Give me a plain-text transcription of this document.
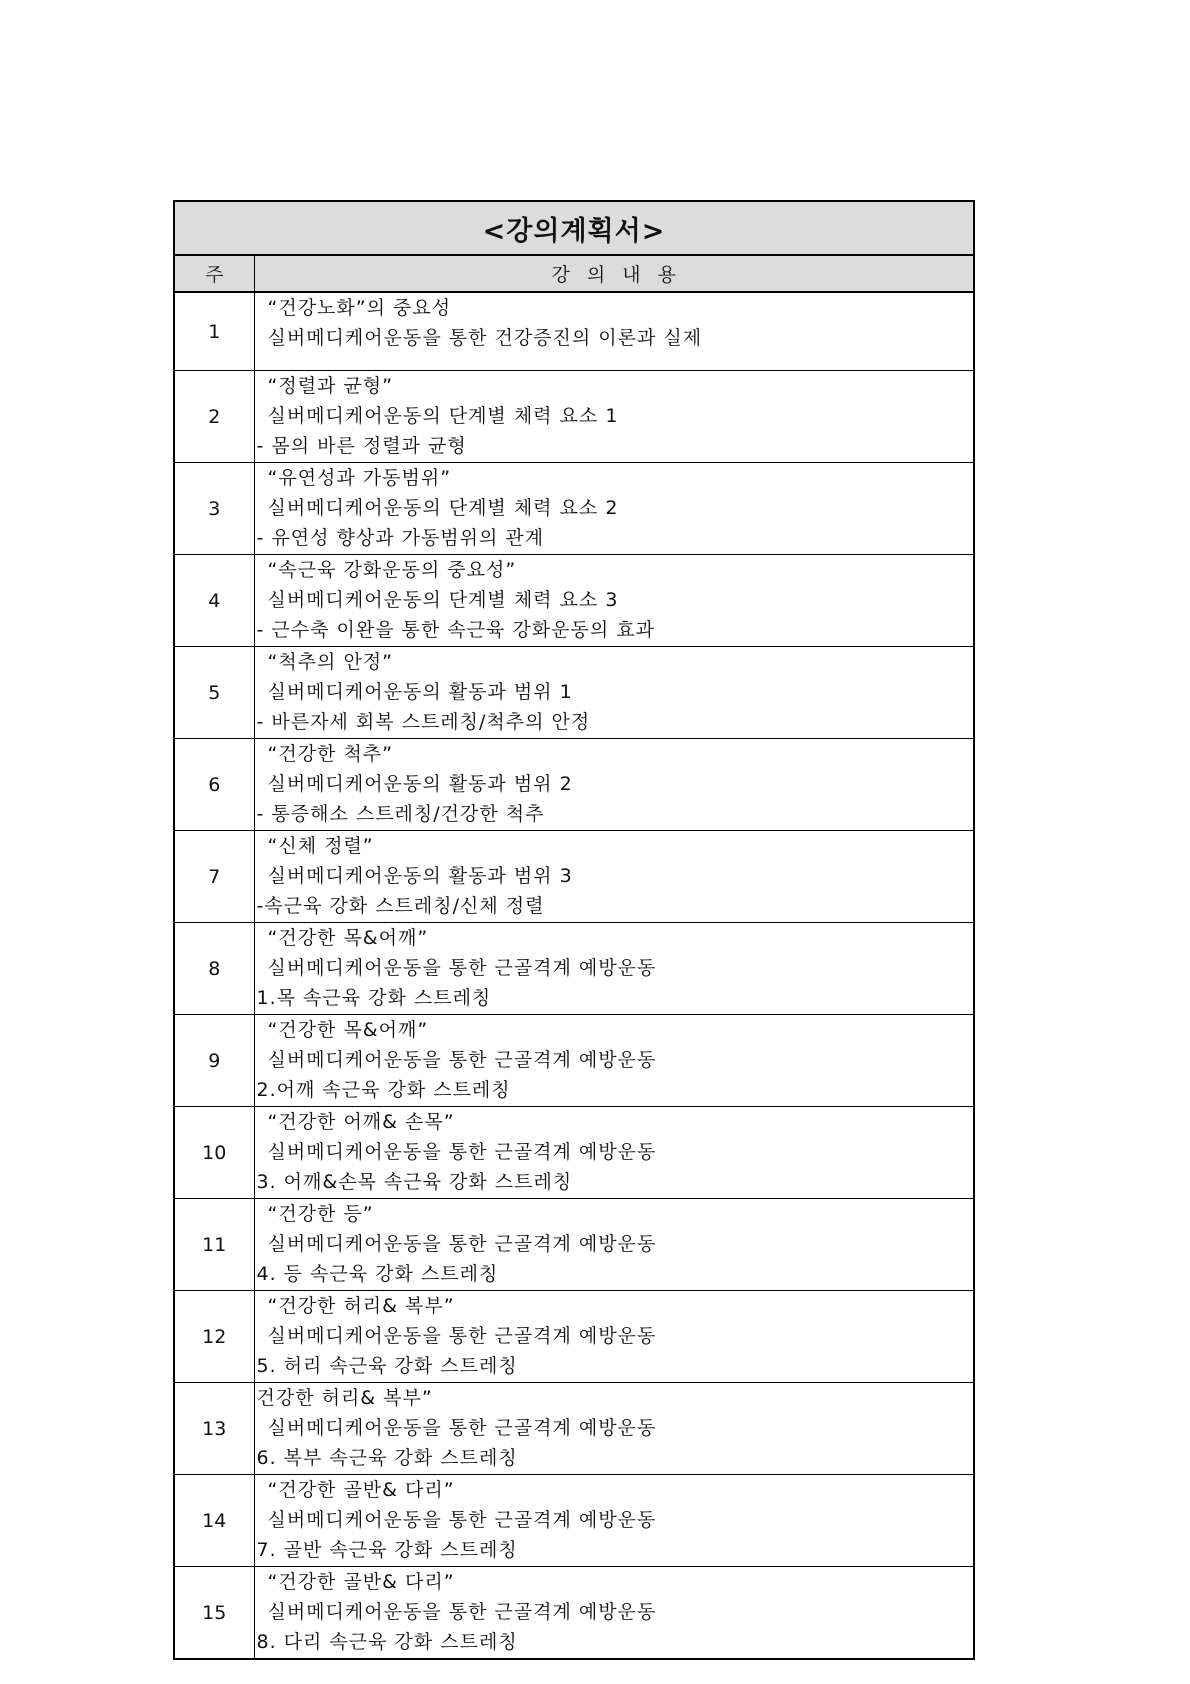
<강의계획서>	
주	강의내용
1	“건강노화”의 중요성
실버메디케어운동을 통한 건강증진의 이론과 실제

2	“정렬과 균형”
실버메디케어운동의 단계별 체력 요소 1
- 몸의 바른 정렬과 균형

3	“유연성과 가동범위”
실버메디케어운동의 단계별 체력 요소 2
- 유연성 향상과 가동범위의 관계

4	“속근육 강화운동의 중요성”
실버메디케어운동의 단계별 체력 요소 3
- 근수축 이완을 통한 속근육 강화운동의 효과

5	“척추의 안정”
실버메디케어운동의 활동과 범위 1
- 바른자세 회복 스트레칭/척추의 안정

6	“건강한 척추”
실버메디케어운동의 활동과 범위 2
- 통증해소 스트레칭/건강한 척추

7	“신체 정렬”
실버메디케어운동의 활동과 범위 3
-속근육 강화 스트레칭/신체 정렬

8	“건강한 목&어깨”
실버메디케어운동을 통한 근골격계 예방운동
1.목 속근육 강화 스트레칭

9	“건강한 목&어깨”
실버메디케어운동을 통한 근골격계 예방운동
2.어깨 속근육 강화 스트레칭

10	“건강한 어깨& 손목”
실버메디케어운동을 통한 근골격계 예방운동
3. 어깨&손목 속근육 강화 스트레칭

11	“건강한 등”
실버메디케어운동을 통한 근골격계 예방운동
4. 등 속근육 강화 스트레칭

12	“건강한 허리& 복부”
실버메디케어운동을 통한 근골격계 예방운동
5. 허리 속근육 강화 스트레칭

13	건강한 허리& 복부”
실버메디케어운동을 통한 근골격계 예방운동
6. 복부 속근육 강화 스트레칭

14	“건강한 골반& 다리”
실버메디케어운동을 통한 근골격계 예방운동
7. 골반 속근육 강화 스트레칭

15	“건강한 골반& 다리”
실버메디케어운동을 통한 근골격계 예방운동
8. 다리 속근육 강화 스트레칭
